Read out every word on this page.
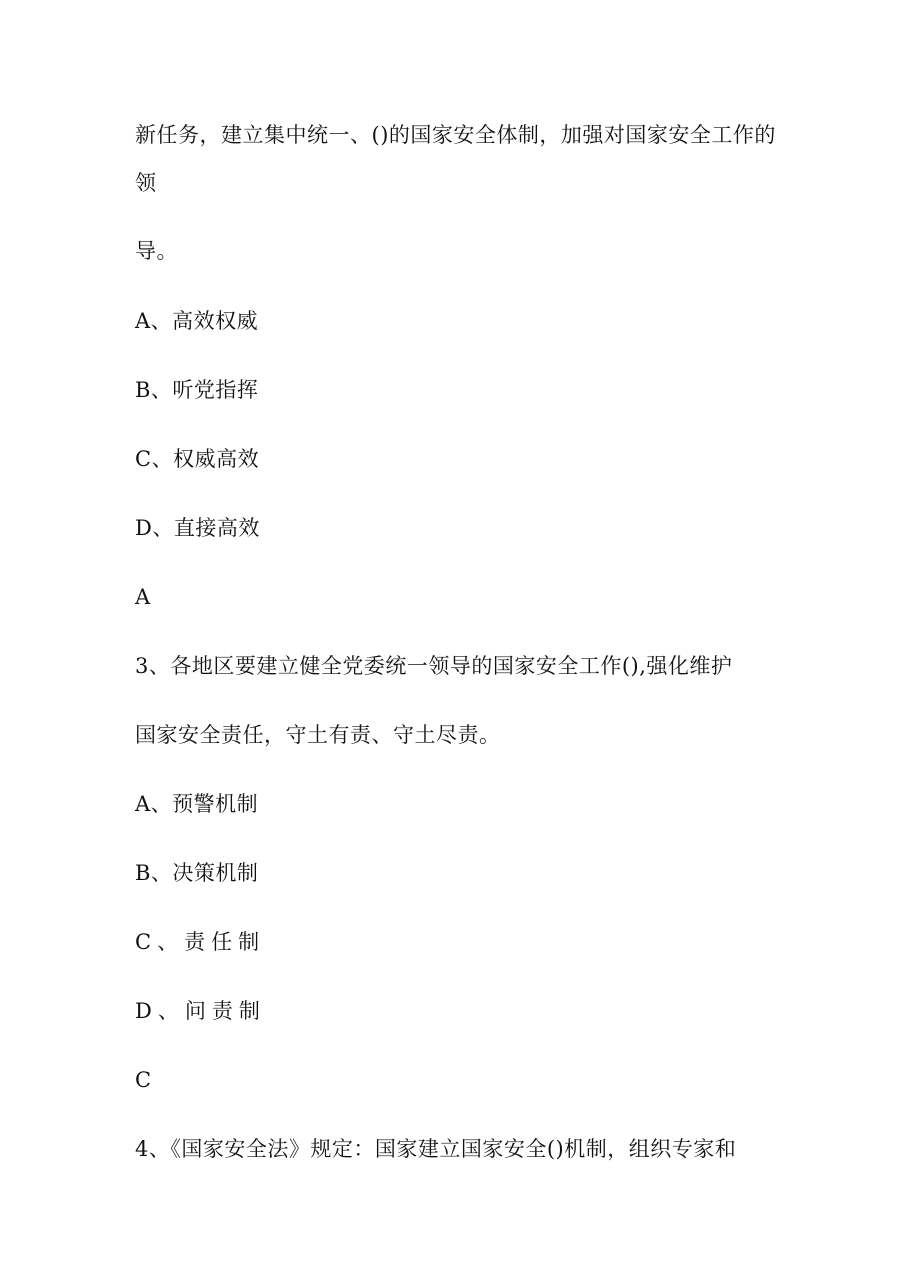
新任务，建立集中统一、()的国家安全体制，加强对国家安全工作的
领
导。
A、高效权威
B、听党指挥
C、权威高效
D、直接高效
A
3、各地区要建立健全党委统一领导的国家安全工作(),强化维护
国家安全责任，守土有责、守土尽责。
A、预警机制
B、决策机制
C、责任制
D、问责制
C
4、《国家安全法》规定：国家建立国家安全()机制，组织专家和
